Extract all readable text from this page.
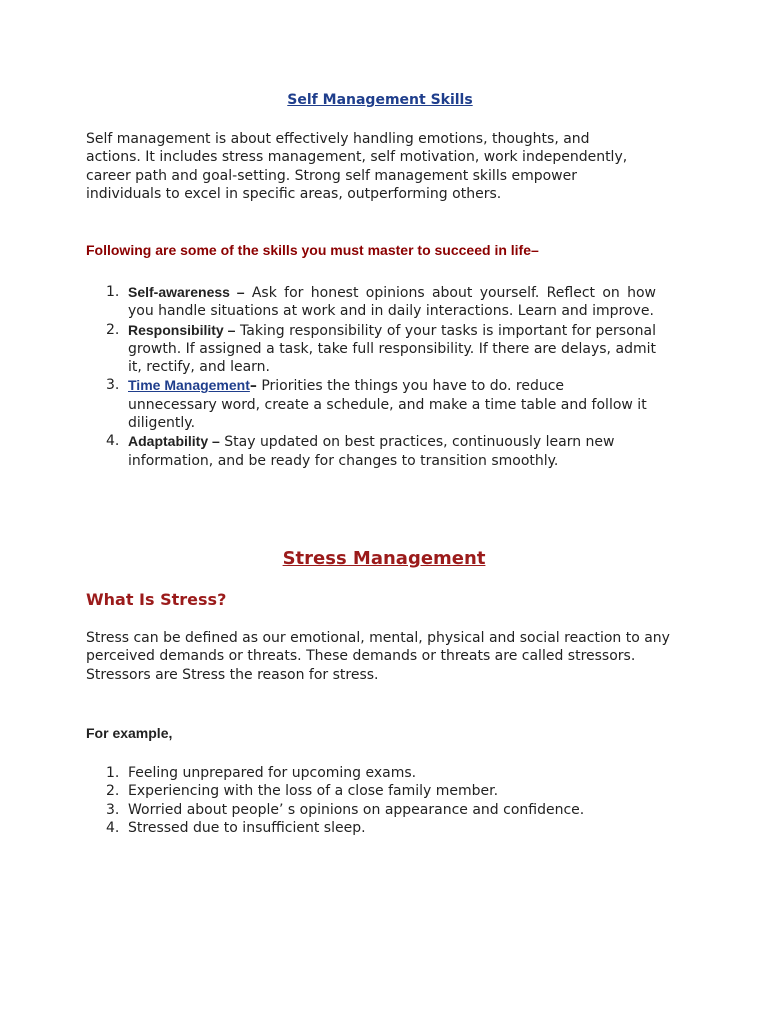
Self Management Skills

Self management is about effectively handling emotions, thoughts, and actions. It includes stress management, self motivation, work independently, career path and goal-setting. Strong self management skills empower individuals to excel in specific areas, outperforming others.

Following are some of the skills you must master to succeed in life–
1. Self-awareness – Ask for honest opinions about yourself. Reflect on how you handle situations at work and in daily interactions. Learn and improve.
2. Responsibility – Taking responsibility of your tasks is important for personal growth. If assigned a task, take full responsibility. If there are delays, admit it, rectify, and learn.
3. Time Management– Priorities the things you have to do. reduce unnecessary word, create a schedule, and make a time table and follow it diligently.
4. Adaptability – Stay updated on best practices, continuously learn new information, and be ready for changes to transition smoothly.
Stress Management
What Is Stress?
Stress can be defined as our emotional, mental, physical and social reaction to any perceived demands or threats. These demands or threats are called stressors.
Stressors are Stress the reason for stress.
For example,
1. Feeling unprepared for upcoming exams.
2. Experiencing with the loss of a close family member.
3. Worried about people’ s opinions on appearance and confidence.
4. Stressed due to insufficient sleep.
